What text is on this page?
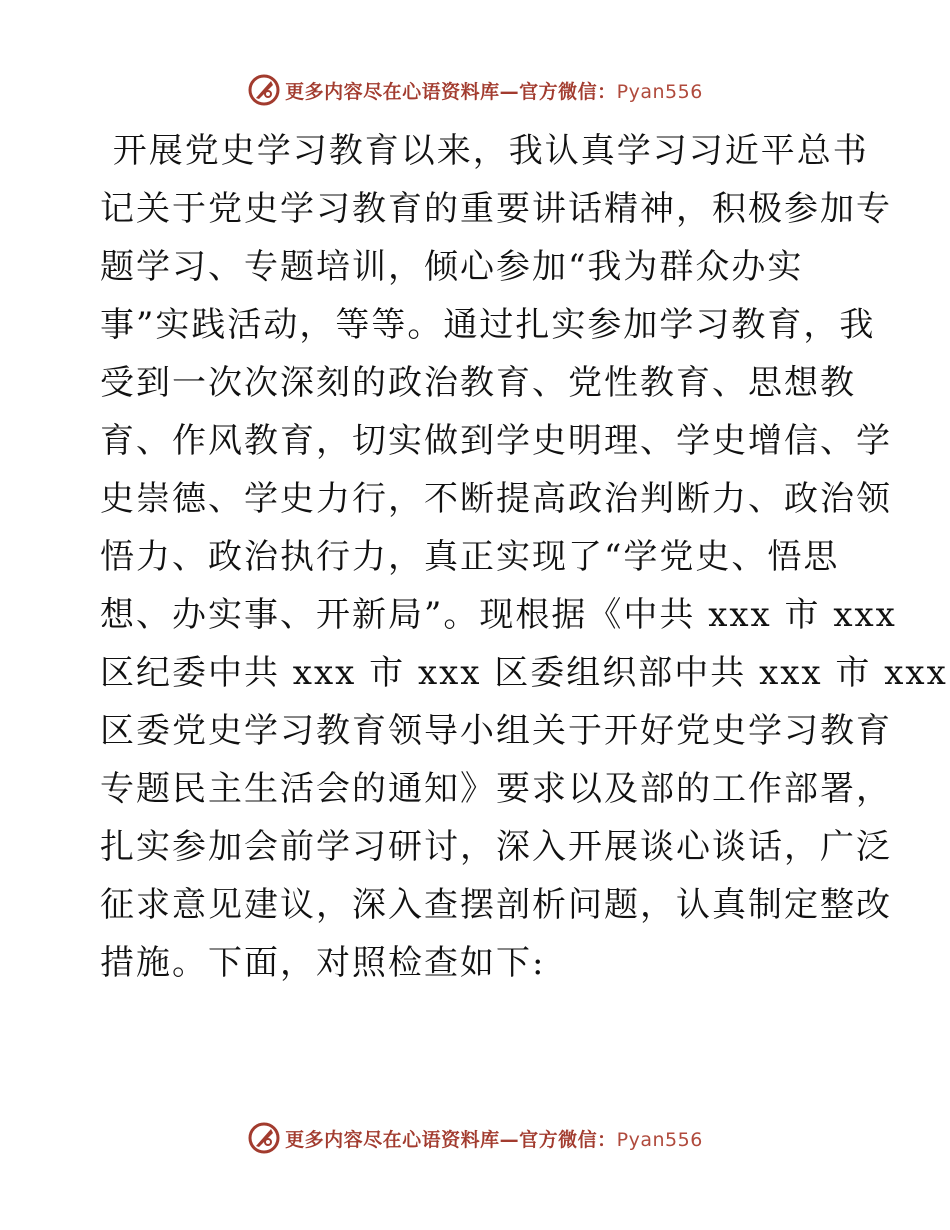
更多内容尽在心语资料库—官方微信：Pyan556
开展党史学习教育以来，我认真学习习近平总书
记关于党史学习教育的重要讲话精神，积极参加专
题学习、专题培训，倾心参加“我为群众办实
事”实践活动，等等。通过扎实参加学习教育，我
受到一次次深刻的政治教育、党性教育、思想教
育、作风教育，切实做到学史明理、学史增信、学
史崇德、学史力行，不断提高政治判断力、政治领
悟力、政治执行力，真正实现了“学党史、悟思
想、办实事、开新局”。现根据《中共 xxx 市 xxx
区纪委中共 xxx 市 xxx 区委组织部中共 xxx 市 xxx
区委党史学习教育领导小组关于开好党史学习教育
专题民主生活会的通知》要求以及部的工作部署，
扎实参加会前学习研讨，深入开展谈心谈话，广泛
征求意见建议，深入查摆剖析问题，认真制定整改
措施。下面，对照检查如下:
更多内容尽在心语资料库—官方微信：Pyan556
